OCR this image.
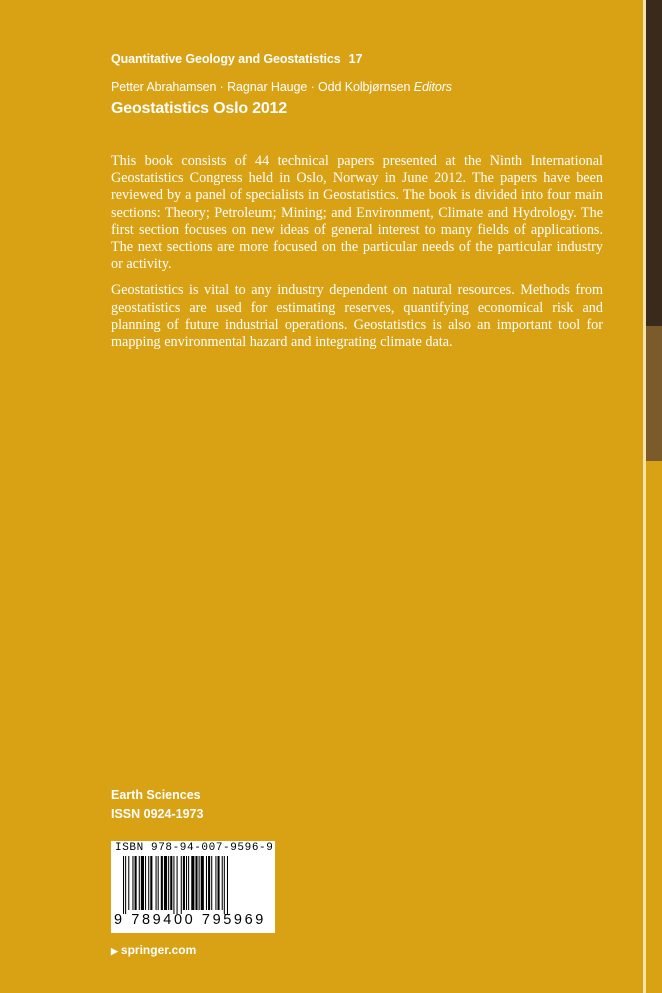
Quantitative Geology and Geostatistics 17
Petter Abrahamsen · Ragnar Hauge · Odd Kolbjørnsen Editors
Geostatistics Oslo 2012

This book consists of 44 technical papers presented at the Ninth International Geostatistics Congress held in Oslo, Norway in June 2012. The papers have been reviewed by a panel of specialists in Geostatistics. The book is divided into four main sections: Theory; Petroleum; Mining; and Environment, Climate and Hydrology. The first section focuses on new ideas of general interest to many fields of applications. The next sections are more focused on the particular needs of the particular industry or activity.

Geostatistics is vital to any industry dependent on natural resources. Methods from geostatistics are used for estimating reserves, quantifying economical risk and planning of future industrial operations. Geostatistics is also an important tool for mapping environmental hazard and integrating climate data.

Earth Sciences
ISSN 0924-1973
ISBN 978-94-007-9596-9
9 789400 795969
▶ springer.com
